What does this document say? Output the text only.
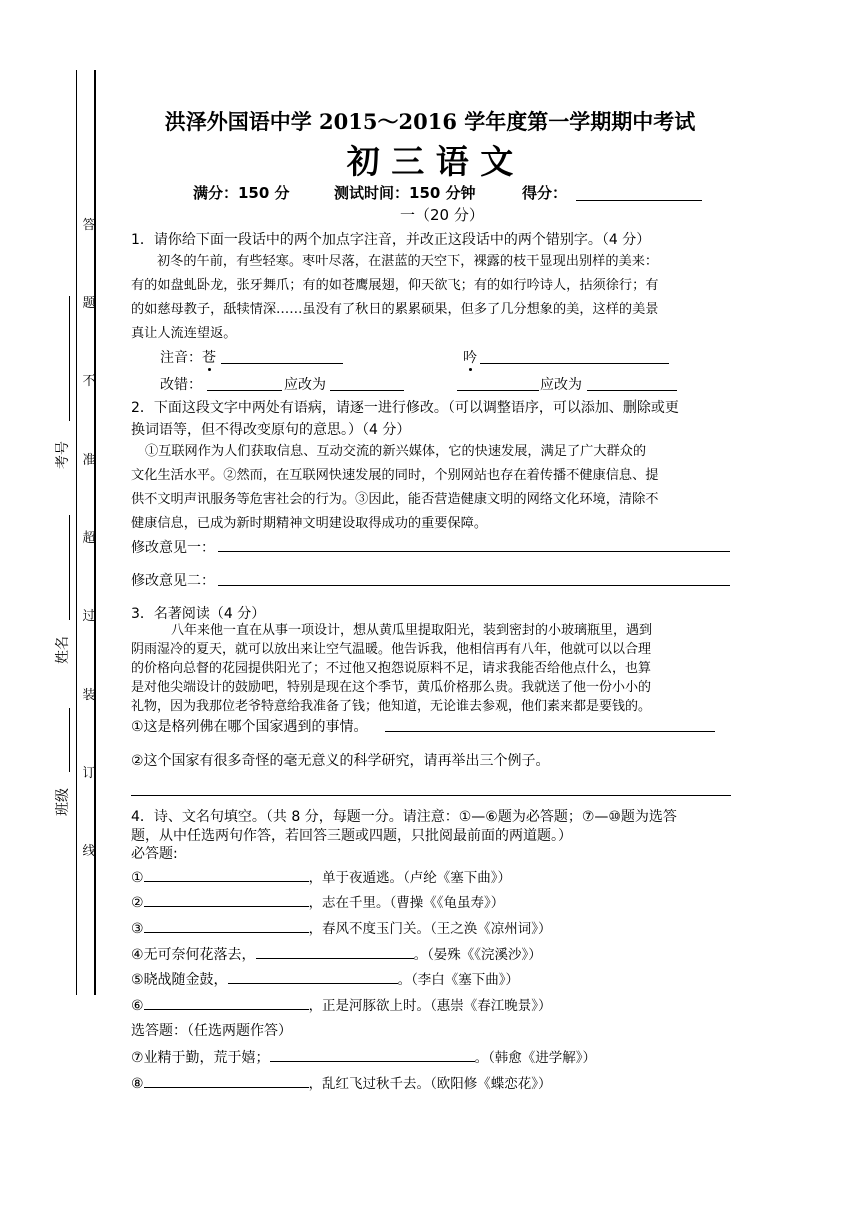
答
题
不
准
超
过
装
订
线
考号
姓名
班级
洪泽外国语中学 2015～2016 学年度第一学期期中考试
初 三 语 文
满分：150 分	测试时间：150 分钟	得分：
一（20 分）
1．请你给下面一段话中的两个加点字注音，并改正这段话中的两个错别字。（4 分）
初冬的午前，有些轻寒。枣叶尽落，在湛蓝的天空下，裸露的枝干显现出别样的美来：
有的如盘虬卧龙，张牙舞爪；有的如苍鹰展翅，仰天欲飞；有的如行吟诗人，拈须徐行；有
的如慈母教子，舐犊情深……虽没有了秋日的累累硕果，但多了几分想象的美，这样的美景
真让人流连望返。
注音：苍	吟
改错：	应改为	应改为
2．下面这段文字中两处有语病，请逐一进行修改。（可以调整语序，可以添加、删除或更
换词语等，但不得改变原句的意思。）（4 分）
①互联网作为人们获取信息、互动交流的新兴媒体，它的快速发展，满足了广大群众的
文化生活水平。②然而，在互联网快速发展的同时，个别网站也存在着传播不健康信息、提
供不文明声讯服务等危害社会的行为。③因此，能否营造健康文明的网络文化环境，清除不
健康信息，已成为新时期精神文明建设取得成功的重要保障。
修改意见一：
修改意见二：
3．名著阅读（4 分）
八年来他一直在从事一项设计，想从黄瓜里提取阳光，装到密封的小玻璃瓶里，遇到
阴雨湿冷的夏天，就可以放出来让空气温暖。他告诉我，他相信再有八年，他就可以以合理
的价格向总督的花园提供阳光了；不过他又抱怨说原料不足，请求我能否给他点什么，也算
是对他尖端设计的鼓励吧，特别是现在这个季节，黄瓜价格那么贵。我就送了他一份小小的
礼物，因为我那位老爷特意给我准备了钱；他知道，无论谁去参观，他们素来都是要钱的。
①这是格列佛在哪个国家遇到的事情。
②这个国家有很多奇怪的毫无意义的科学研究，请再举出三个例子。
4．诗、文名句填空。（共 8 分，每题一分。请注意：①—⑥题为必答题；⑦—⑩题为选答
题，从中任选两句作答，若回答三题或四题，只批阅最前面的两道题。）
必答题:
①	，单于夜遁逃。（卢纶《塞下曲》）
②	，志在千里。（曹操《《龟虽寿》）
③	，春风不度玉门关。（王之涣《凉州词》）
④无可奈何花落去，	。（晏殊《《浣溪沙》）
⑤晓战随金鼓，	。（李白《塞下曲》）
⑥	，正是河豚欲上时。（惠崇《春江晚景》）
选答题：（任选两题作答）
⑦业精于勤，荒于嬉；	。（韩愈《进学解》）
⑧	，乱红飞过秋千去。（欧阳修《蝶恋花》）
